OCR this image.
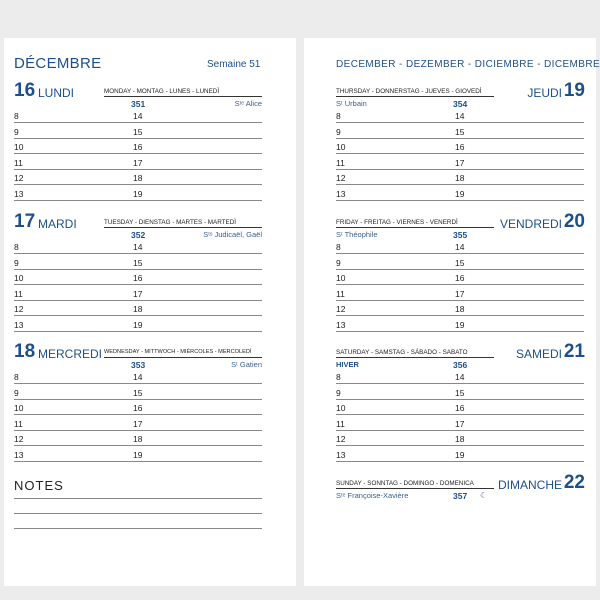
DÉCEMBRE	Semaine 51	DECEMBER - DEZEMBER - DICIEMBRE - DICEMBRE
16 LUNDI	MONDAY - MONTAG - LUNES - LUNEDÌ
351	Sᵗᵉ Alice
17 MARDI	TUESDAY - DIENSTAG - MARTES - MARTEDÌ
352	Sᵗˢ Judicaël, Gaël
18 MERCREDI WEDNESDAY - MITTWOCH - MIÉRCOLES - MERCOLEDÌ
353	Sᵗ Gatien
THURSDAY - DONNERSTAG - JUEVES - GIOVEDÌ
Sᵗ Urbain	354
JEUDI 19
FRIDAY - FREITAG - VIERNES - VENERDÌ
Sᵗ Théophile	355
VENDREDI 20
SATURDAY - SAMSTAG - SÁBADO - SABATO
HIVER	356
SAMEDI 21
SUNDAY - SONNTAG - DOMINGO - DOMENICA
Sᵗᵉ Françoise-Xavière	357 ☾
DIMANCHE 22
8	14
9	15
10	16
11	17
12	18
13	19
8	14
9	15
10	16
11	17
12	18
13	19
8	14
9	15
10	16
11	17
12	18
13	19
8	14
9	15
10	16
11	17
12	18
13	19
8	14
9	15
10	16
11	17
12	18
13	19
8	14
9	15
10	16
11	17
12	18
13	19
NOTES
